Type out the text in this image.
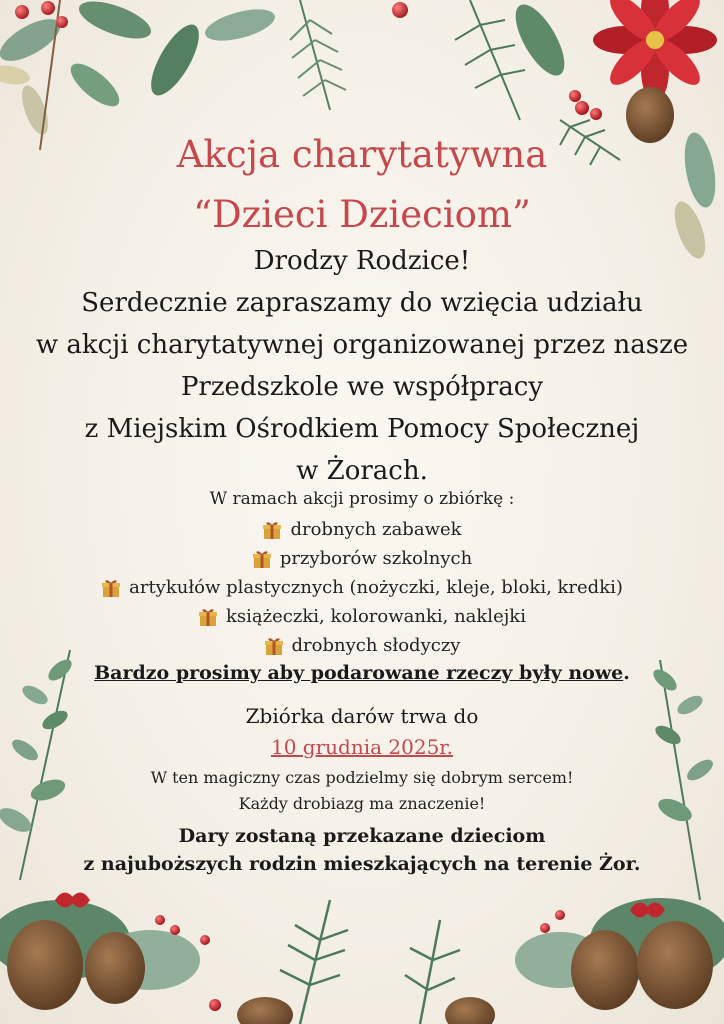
Akcja charytatywna
“Dzieci Dzieciom”
Drodzy Rodzice!
Serdecznie zapraszamy do wzięcia udziału
w akcji charytatywnej organizowanej przez nasze
Przedszkole we współpracy
z Miejskim Ośrodkiem Pomocy Społecznej
w Żorach.
W ramach akcji prosimy o zbiórkę :
drobnych zabawek
przyborów szkolnych
artykułów plastycznych (nożyczki, kleje, bloki, kredki)
książeczki, kolorowanki, naklejki
drobnych słodyczy
Bardzo prosimy aby podarowane rzeczy były nowe.
Zbiórka darów trwa do
10 grudnia 2025r.
W ten magiczny czas podzielmy się dobrym sercem!
Każdy drobiazg ma znaczenie!
Dary zostaną przekazane dzieciom
z najuboższych rodzin mieszkających na terenie Żor.
